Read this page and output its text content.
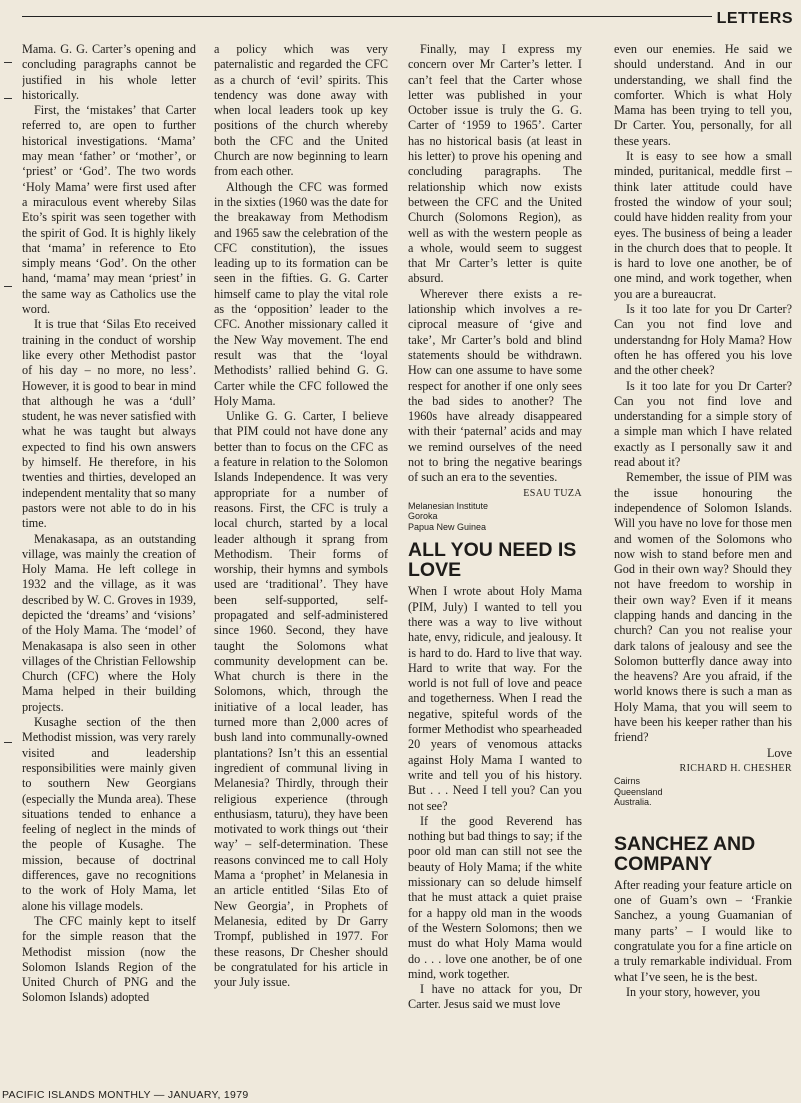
LETTERS

Mama. G. G. Carter’s opening and concluding paragraphs cannot be justified in his whole letter historically.

First, the ‘mistakes’ that Carter referred to, are open to further historical investigations. ‘Mama’ may mean ‘father’ or ‘mother’, or ‘priest’ or ‘God’. The two words ‘Holy Mama’ were first used after a miraculous event whereby Silas Eto’s spirit was seen together with the spirit of God. It is highly likely that ‘mama’ in reference to Eto simply means ‘God’. On the other hand, ‘mama’ may mean ‘priest’ in the same way as Catholics use the word.

It is true that ‘Silas Eto received training in the conduct of worship like every other Methodist pastor of his day – no more, no less’. However, it is good to bear in mind that although he was a ‘dull’ student, he was never satisfied with what he was taught but always expected to find his own answers by himself. He therefore, in his twenties and thirties, developed an independent mentality that so many pastors were not able to do in his time.

Menakasapa, as an outstanding village, was mainly the creation of Holy Mama. He left college in 1932 and the village, as it was described by W. C. Groves in 1939, depicted the ‘dreams’ and ‘visions’ of the Holy Mama. The ‘model’ of Menakasapa is also seen in other villages of the Christian Fellowship Church (CFC) where the Holy Mama helped in their building projects.

Kusaghe section of the then Methodist mission, was very rarely visited and leadership responsibilities were mainly given to southern New Georgians (especially the Munda area). These situations tended to enhance a feeling of neglect in the minds of the people of Kusaghe. The mission, because of doctrinal differences, gave no recognitions to the work of Holy Mama, let alone his village models.

The CFC mainly kept to itself for the simple reason that the Methodist mission (now the Solomon Islands Region of the United Church of PNG and the Solomon Islands) adopted

a policy which was very paternalistic and regarded the CFC as a church of ‘evil’ spirits. This tendency was done away with when local leaders took up key positions of the church whereby both the CFC and the United Church are now beginning to learn from each other.

Although the CFC was formed in the sixties (1960 was the date for the breakaway from Methodism and 1965 saw the celebration of the CFC constitution), the issues leading up to its formation can be seen in the fifties. G. G. Carter himself came to play the vital role as the ‘opposition’ leader to the CFC. Another missionary called it the New Way movement. The end result was that the ‘loyal Methodists’ rallied behind G. G. Carter while the CFC followed the Holy Mama.

Unlike G. G. Carter, I believe that PIM could not have done any better than to focus on the CFC as a feature in relation to the Solomon Islands Independence. It was very appropriate for a number of reasons. First, the CFC is truly a local church, started by a local leader although it sprang from Methodism. Their forms of worship, their hymns and symbols used are ‘traditional’. They have been self-supported, self-propagated and self-administered since 1960. Second, they have taught the Solomons what community development can be. What church is there in the Solomons, which, through the initiative of a local leader, has turned more than 2,000 acres of bush land into communally-owned plantations? Isn’t this an essential ingredient of communal living in Melanesia? Thirdly, through their religious experience (through enthusiasm, taturu), they have been motivated to work things out ‘their way’ – self-determination. These reasons convinced me to call Holy Mama a ‘prophet’ in Melanesia in an article entitled ‘Silas Eto of New Georgia’, in Prophets of Melanesia, edited by Dr Garry Trompf, published in 1977. For these reasons, Dr Chesher should be congratulated for his article in your July issue.

Finally, may I express my concern over Mr Carter’s letter. I can’t feel that the Carter whose letter was published in your October issue is truly the G. G. Carter of ‘1959 to 1965’. Carter has no historical basis (at least in his letter) to prove his opening and concluding paragraphs. The relationship which now exists between the CFC and the United Church (Solomons Region), as well as with the western people as a whole, would seem to suggest that Mr Carter’s letter is quite absurd.

Wherever there exists a relationship which involves a reciprocal measure of ‘give and take’, Mr Carter’s bold and blind statements should be withdrawn. How can one assume to have some respect for another if one only sees the bad sides to another? The 1960s have already disappeared with their ‘paternal’ acids and may we remind ourselves of the need not to bring the negative bearings of such an era to the seventies.

ESAU TUZA
Melanesian Institute
Goroka
Papua New Guinea
ALL YOU NEED IS LOVE

When I wrote about Holy Mama (PIM, July) I wanted to tell you there was a way to live without hate, envy, ridicule, and jealousy. It is hard to do. Hard to live that way. Hard to write that way. For the world is not full of love and peace and togetherness. When I read the negative, spiteful words of the former Methodist who spearheaded 20 years of venomous attacks against Holy Mama I wanted to write and tell you of his history. But . . . Need I tell you? Can you not see?

If the good Reverend has nothing but bad things to say; if the poor old man can still not see the beauty of Holy Mama; if the white missionary can so delude himself that he must attack a quiet praise for a happy old man in the woods of the Western Solomons; then we must do what Holy Mama would do . . . love one another, be of one mind, work together.

I have no attack for you, Dr Carter. Jesus said we must love

even our enemies. He said we should understand. And in our understanding, we shall find the comforter. Which is what Holy Mama has been trying to tell you, Dr Carter. You, personally, for all these years.

It is easy to see how a small minded, puritanical, meddle first – think later attitude could have frosted the window of your soul; could have hidden reality from your eyes. The business of being a leader in the church does that to people. It is hard to love one another, be of one mind, and work together, when you are a bureaucrat.

Is it too late for you Dr Carter? Can you not find love and understandng for Holy Mama? How often he has offered you his love and the other cheek?

Is it too late for you Dr Carter? Can you not find love and understanding for a simple story of a simple man which I have related exactly as I personally saw it and read about it?

Remember, the issue of PIM was the issue honouring the independence of Solomon Islands. Will you have no love for those men and women of the Solomons who now wish to stand before men and God in their own way? Should they not have freedom to worship in their own way? Even if it means clapping hands and dancing in the church? Can you not realise your dark talons of jealousy and see the Solomon butterfly dance away into the heavens? Are you afraid, if the world knows there is such a man as Holy Mama, that you will seem to have been his keeper rather than his friend?

Love
RICHARD H. CHESHER
Cairns
Queensland
Australia.
SANCHEZ AND COMPANY

After reading your feature article on one of Guam’s own – ‘Frankie Sanchez, a young Guamanian of many parts’ – I would like to congratulate you for a fine article on a truly remarkable individual. From what I’ve seen, he is the best.

In your story, however, you

PACIFIC ISLANDS MONTHLY — JANUARY, 1979
